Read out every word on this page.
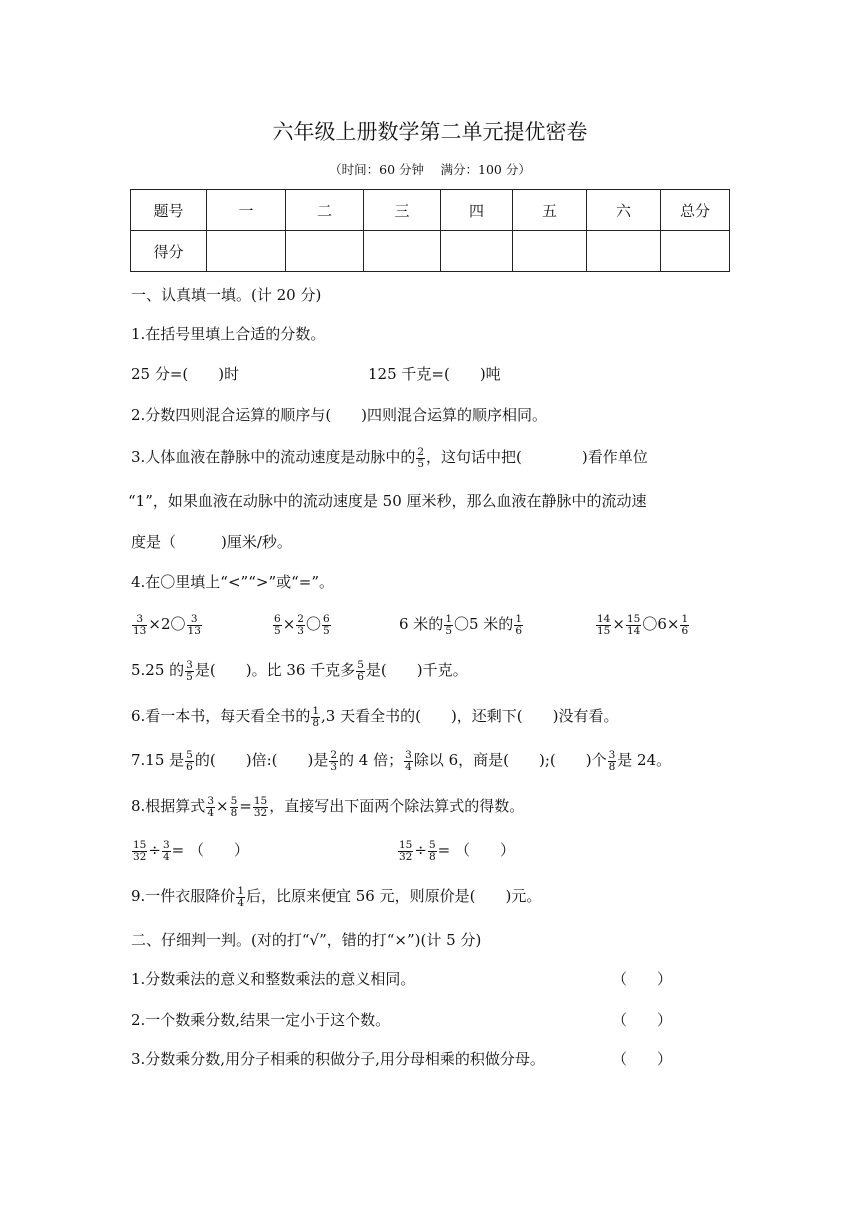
六年级上册数学第二单元提优密卷
（时间：60 分钟　 满分：100 分）
题号	一	二	三	四	五	六	总分
得分							
一、认真填一填。(计 20 分)
1.在括号里填上合适的分数。
25 分=(　　)时	125 千克=(　　)吨
2.分数四则混合运算的顺序与(　　)四则混合运算的顺序相同。
3.人体血液在静脉中的流动速度是动脉中的 $\frac{2}{5}$ ，这句话中把(　　　　)看作单位
“1”，如果血液在动脉中的流动速度是 50 厘米秒，那么血液在静脉中的流动速
度是（　　　)厘米/秒。
4.在〇里填上“<”“>”或“=”。
$\frac{3}{13} \times 2$〇 $\frac{3}{13}$	$\frac{6}{5} \times \frac{2}{3}$ 〇 $\frac{6}{5}$	6 米的 $\frac{1}{5}$ 〇5 米的 $\frac{1}{6}$	$\frac{14}{15} \times \frac{15}{14}$ 〇$6\times \frac{1}{6}$
5.25 的 $\frac{3}{5}$ 是(　　)。比 36 千克多 $\frac{5}{6}$ 是(　　)千克。
6.看一本书，每天看全书的 $\frac{1}{8} ,3$ 天看全书的(　　)，还剩下(　　)没有看。
7.15 是 $\frac{5}{6}$ 的(　　)倍:(　　)是 $\frac{2}{3}$ 的 4 倍； $\frac{3}{4}$ 除以 6，商是(　　);(　　)个 $\frac{3}{8}$ 是 24。
8.根据算式 $\frac{3}{4} \times \frac{5}{8} = \frac{15}{32}$ ，直接写出下面两个除法算式的得数。
$\frac{15}{32} \div \frac{3}{4}$ = （　　）	$\frac{15}{32} \div \frac{5}{8}$ = （　　）
9.一件衣服降价 $\frac{1}{4}$ 后，比原来便宜 56 元，则原价是(　　)元。
二、仔细判一判。(对的打“√”，错的打“×”)(计 5 分)
1.分数乘法的意义和整数乘法的意义相同。	（　　）
2.一个数乘分数,结果一定小于这个数。	（　　）
3.分数乘分数,用分子相乘的积做分子,用分母相乘的积做分母。	（　　）
